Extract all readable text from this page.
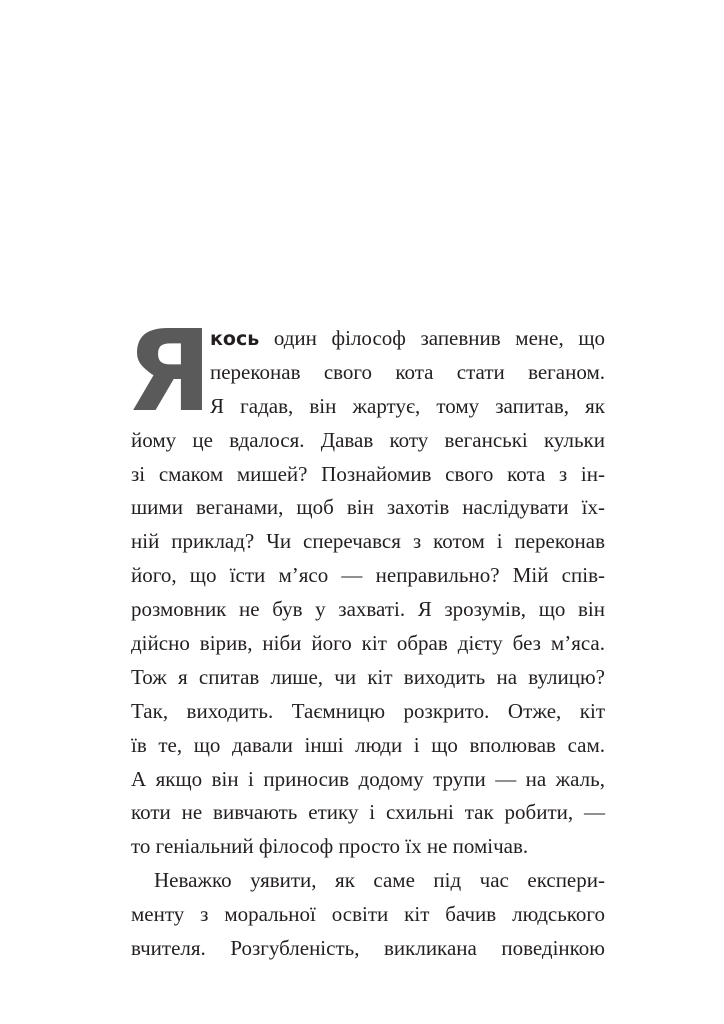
Я кось один філософ запевнив мене, що
переконав свого кота стати веганом.
Я гадав, він жартує, тому запитав, як
йому це вдалося. Давав коту веганські кульки
зі смаком мишей? Познайомив свого кота з ін-
шими веганами, щоб він захотів наслідувати їх-
ній приклад? Чи сперечався з котом і переконав
його, що їсти м’ясо — неправильно? Мій спів-
розмовник не був у захваті. Я зрозумів, що він
дійсно вірив, ніби його кіт обрав дієту без м’яса.
Тож я спитав лише, чи кіт виходить на вулицю?
Так, виходить. Таємницю розкрито. Отже, кіт
їв те, що давали інші люди і що вполював сам.
А якщо він і приносив додому трупи — на жаль,
коти не вивчають етику і схильні так робити, —
то геніальний філософ просто їх не помічав.
Неважко уявити, як саме під час експери-
менту з моральної освіти кіт бачив людського
вчителя. Розгубленість, викликана поведінкою
